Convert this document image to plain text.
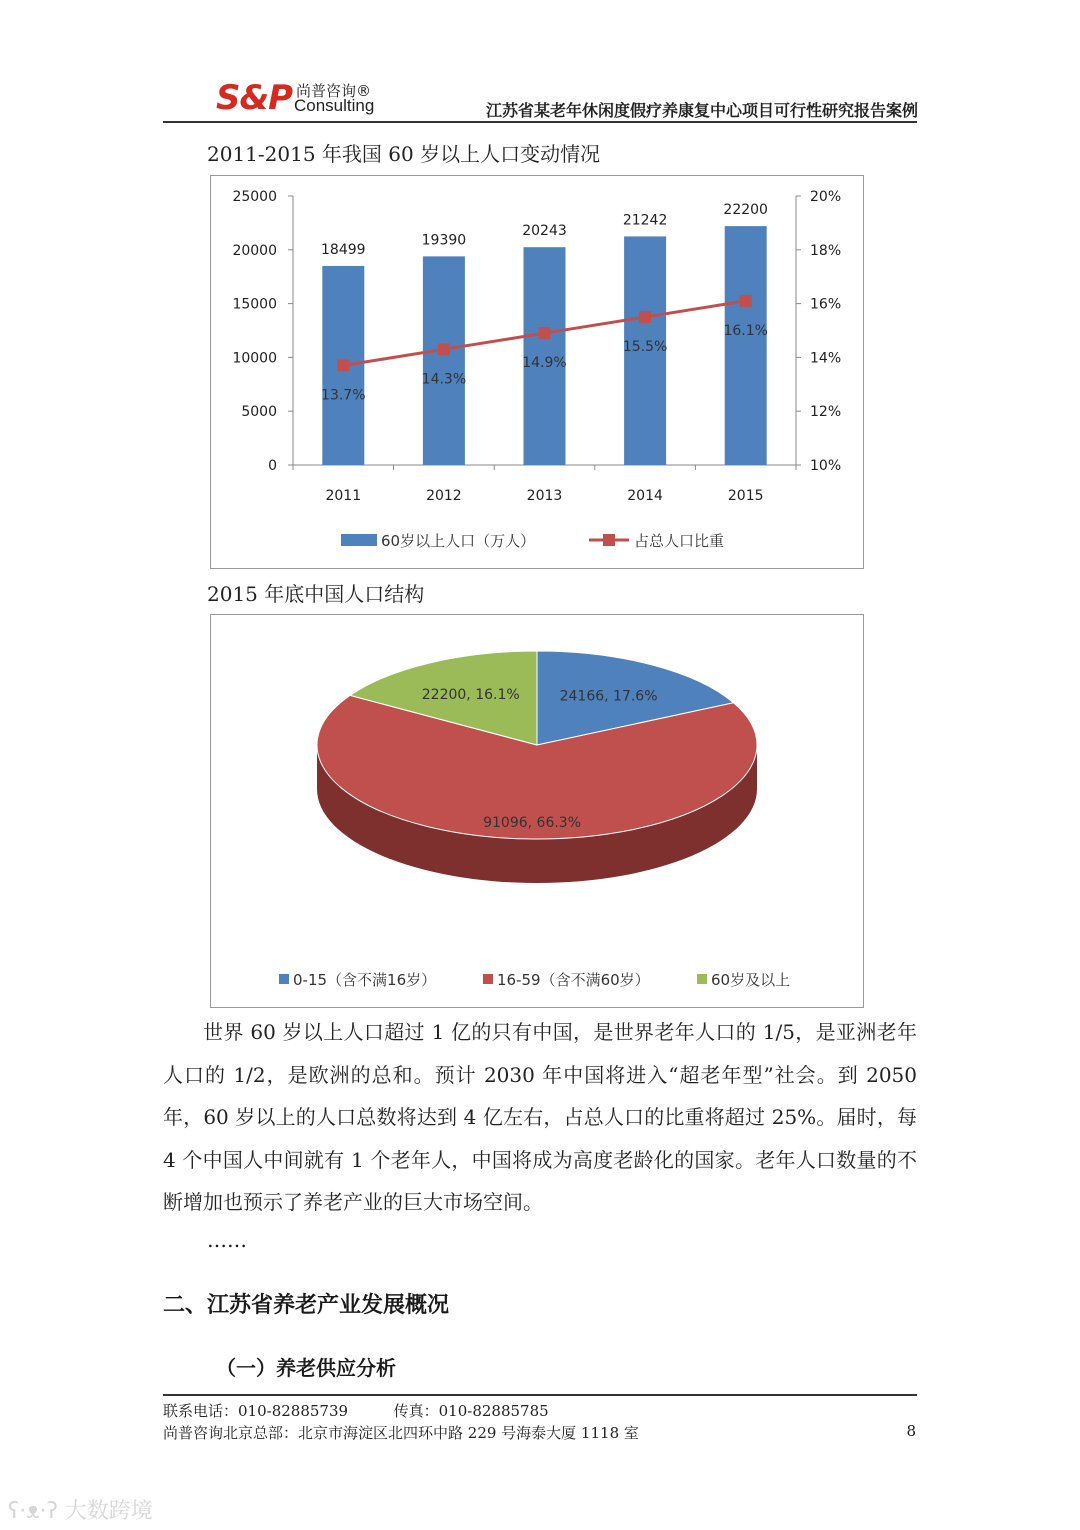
S&P 尚普咨询®
Consulting	江苏省某老年休闲度假疗养康复中心项目可行性研究报告案例
2011-2015 年我国 60 岁以上人口变动情况
25000
20000
15000
10000
5000
0
20%
18%
16%
14%
12%
10%
2011
18499
2012
19390
2013
20243
2014
21242
2015
22200
13.7%
14.3%
14.9%
15.5%
16.1%
60岁以上人口（万人）	占总人口比重
2015 年底中国人口结构
24166, 17.6%
91096, 66.3%
22200, 16.1%
0-15（含不满16岁）	16-59（含不满60岁）	60岁及以上

世界 60 岁以上人口超过 1 亿的只有中国，是世界老年人口的 1/5，是亚洲老年人口的 1/2，是欧洲的总和。预计 2030 年中国将进入“超老年型”社会。到 2050 年，60 岁以上的人口总数将达到 4 亿左右，占总人口的比重将超过 25%。届时，每 4 个中国人中间就有 1 个老年人，中国将成为高度老龄化的国家。老年人口数量的不断增加也预示了养老产业的巨大市场空间。

……
二、江苏省养老产业发展概况
（一）养老供应分析
联系电话：010-82885739	传真：010-82885785
尚普咨询北京总部：北京市海淀区北四环中路 229 号海泰大厦 1118 室	8
ʕ·ᴥ·ʔ 大数跨境
